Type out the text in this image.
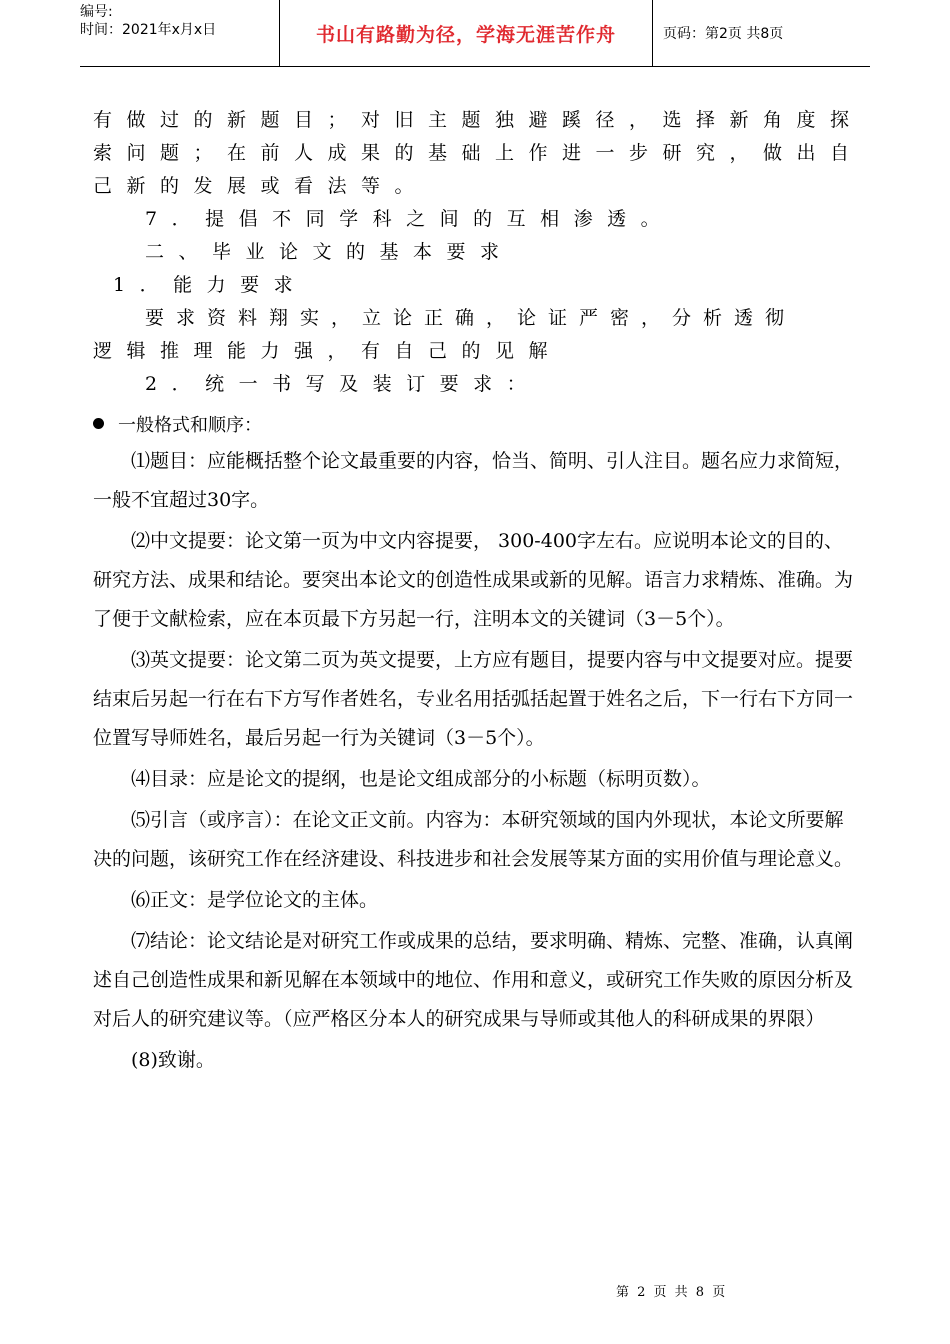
编号:
时间：2021年x月x日	书山有路勤为径，学海无涯苦作舟	页码：第2页 共8页
有做过的新题目；对旧主题独避蹊径，选择新角度探
索问题；在前人成果的基础上作进一步研究，做出自
己新的发展或看法等。
7．提倡不同学科之间的互相渗透。
二、毕业论文的基本要求
1．能力要求
要求资料翔实，立论正确，论证严密，分析透彻
逻辑推理能力强，有自己的见解
2．统一书写及装订要求：
一般格式和顺序：
⑴题目：应能概括整个论文最重要的内容，恰当、简明、引人注目。题名应力求简短，一般不宜超过30字。
⑵中文提要：论文第一页为中文内容提要， 300-400字左右。应说明本论文的目的、研究方法、成果和结论。要突出本论文的创造性成果或新的见解。语言力求精炼、准确。为了便于文献检索，应在本页最下方另起一行，注明本文的关键词（3－5个）。
⑶英文提要：论文第二页为英文提要，上方应有题目，提要内容与中文提要对应。提要结束后另起一行在右下方写作者姓名，专业名用括弧括起置于姓名之后，下一行右下方同一位置写导师姓名，最后另起一行为关键词（3－5个）。
⑷目录：应是论文的提纲，也是论文组成部分的小标题（标明页数）。
⑸引言（或序言）：在论文正文前。内容为：本研究领域的国内外现状，本论文所要解决的问题，该研究工作在经济建设、科技进步和社会发展等某方面的实用价值与理论意义。
⑹正文：是学位论文的主体。
⑺结论：论文结论是对研究工作或成果的总结，要求明确、精炼、完整、准确，认真阐述自己创造性成果和新见解在本领域中的地位、作用和意义，或研究工作失败的原因分析及对后人的研究建议等。（应严格区分本人的研究成果与导师或其他人的科研成果的界限）
(8)致谢。
第 2 页 共 8 页
